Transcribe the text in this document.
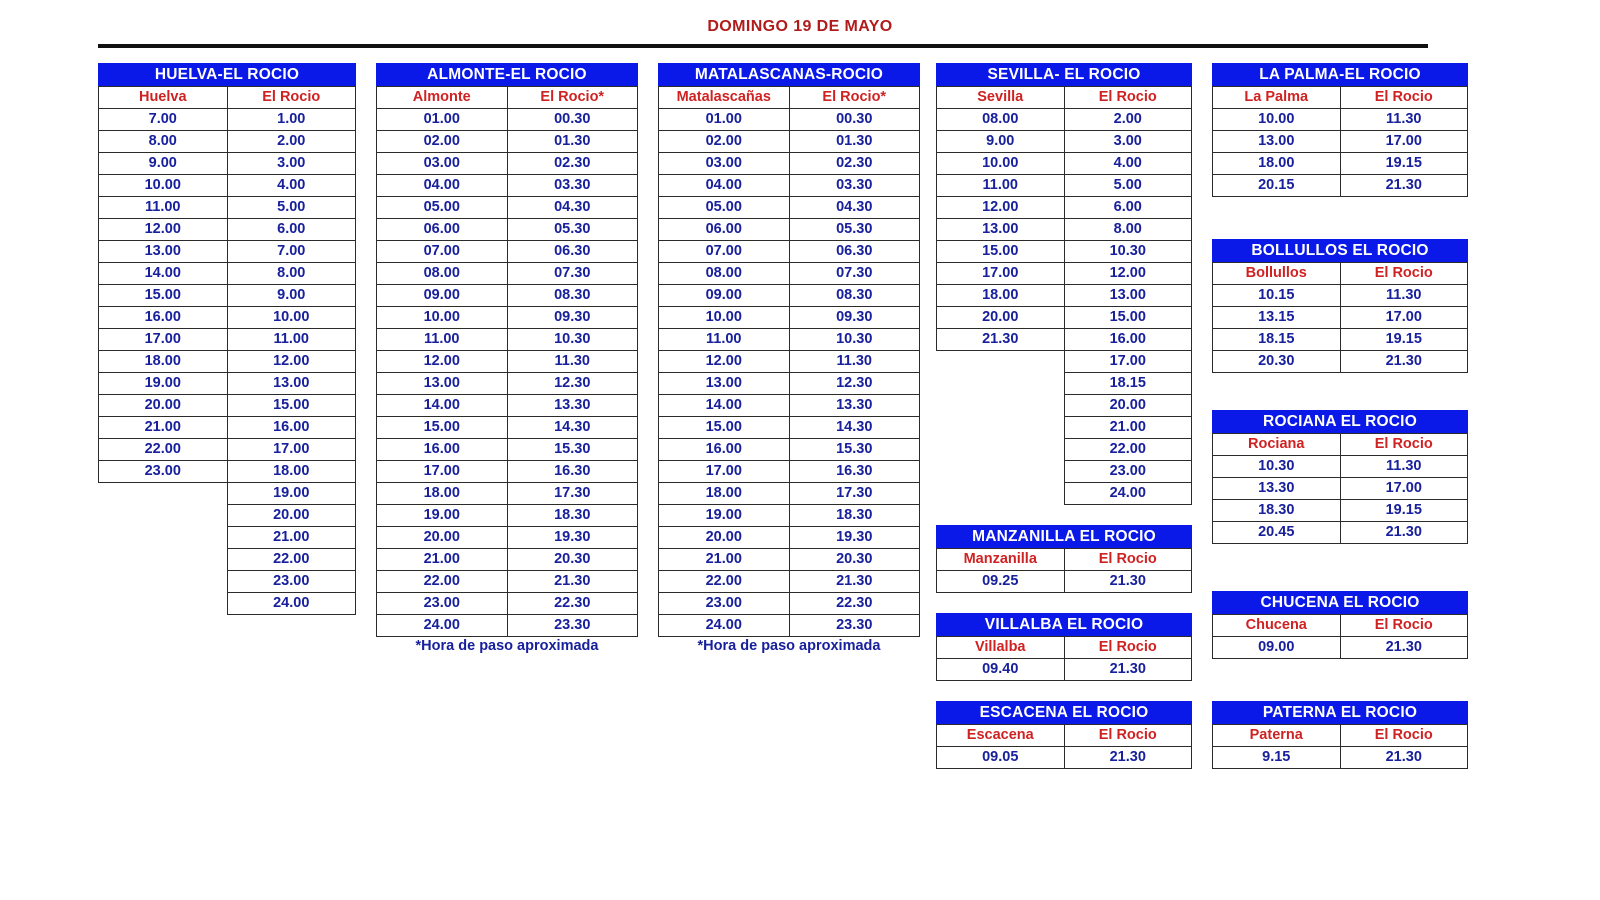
DOMINGO 19 DE MAYO
HUELVA-EL ROCIO
Huelva	El Rocio
7.00	1.00
8.00	2.00
9.00	3.00
10.00	4.00
11.00	5.00
12.00	6.00
13.00	7.00
14.00	8.00
15.00	9.00
16.00	10.00
17.00	11.00
18.00	12.00
19.00	13.00
20.00	15.00
21.00	16.00
22.00	17.00
23.00	18.00
	19.00
	20.00
	21.00
	22.00
	23.00
	24.00
ALMONTE-EL ROCIO
Almonte	El Rocio*
01.00	00.30
02.00	01.30
03.00	02.30
04.00	03.30
05.00	04.30
06.00	05.30
07.00	06.30
08.00	07.30
09.00	08.30
10.00	09.30
11.00	10.30
12.00	11.30
13.00	12.30
14.00	13.30
15.00	14.30
16.00	15.30
17.00	16.30
18.00	17.30
19.00	18.30
20.00	19.30
21.00	20.30
22.00	21.30
23.00	22.30
24.00	23.30
*Hora de paso aproximada
MATALASCANAS-ROCIO
Matalascañas	El Rocio*
01.00	00.30
02.00	01.30
03.00	02.30
04.00	03.30
05.00	04.30
06.00	05.30
07.00	06.30
08.00	07.30
09.00	08.30
10.00	09.30
11.00	10.30
12.00	11.30
13.00	12.30
14.00	13.30
15.00	14.30
16.00	15.30
17.00	16.30
18.00	17.30
19.00	18.30
20.00	19.30
21.00	20.30
22.00	21.30
23.00	22.30
24.00	23.30
*Hora de paso aproximada
SEVILLA- EL ROCIO
Sevilla	El Rocio
08.00	2.00
9.00	3.00
10.00	4.00
11.00	5.00
12.00	6.00
13.00	8.00
15.00	10.30
17.00	12.00
18.00	13.00
20.00	15.00
21.30	16.00
	17.00
	18.15
	20.00
	21.00
	22.00
	23.00
	24.00
LA PALMA-EL ROCIO
La Palma	El Rocio
10.00	11.30
13.00	17.00
18.00	19.15
20.15	21.30
BOLLULLOS EL ROCIO
Bollullos	El Rocio
10.15	11.30
13.15	17.00
18.15	19.15
20.30	21.30
ROCIANA EL ROCIO
Rociana	El Rocio
10.30	11.30
13.30	17.00
18.30	19.15
20.45	21.30
CHUCENA EL ROCIO
Chucena	El Rocio
09.00	21.30
MANZANILLA EL ROCIO
Manzanilla	El Rocio
09.25	21.30
VILLALBA EL ROCIO
Villalba	El Rocio
09.40	21.30
ESCACENA EL ROCIO
Escacena	El Rocio
09.05	21.30
PATERNA EL ROCIO
Paterna	El Rocio
9.15	21.30
